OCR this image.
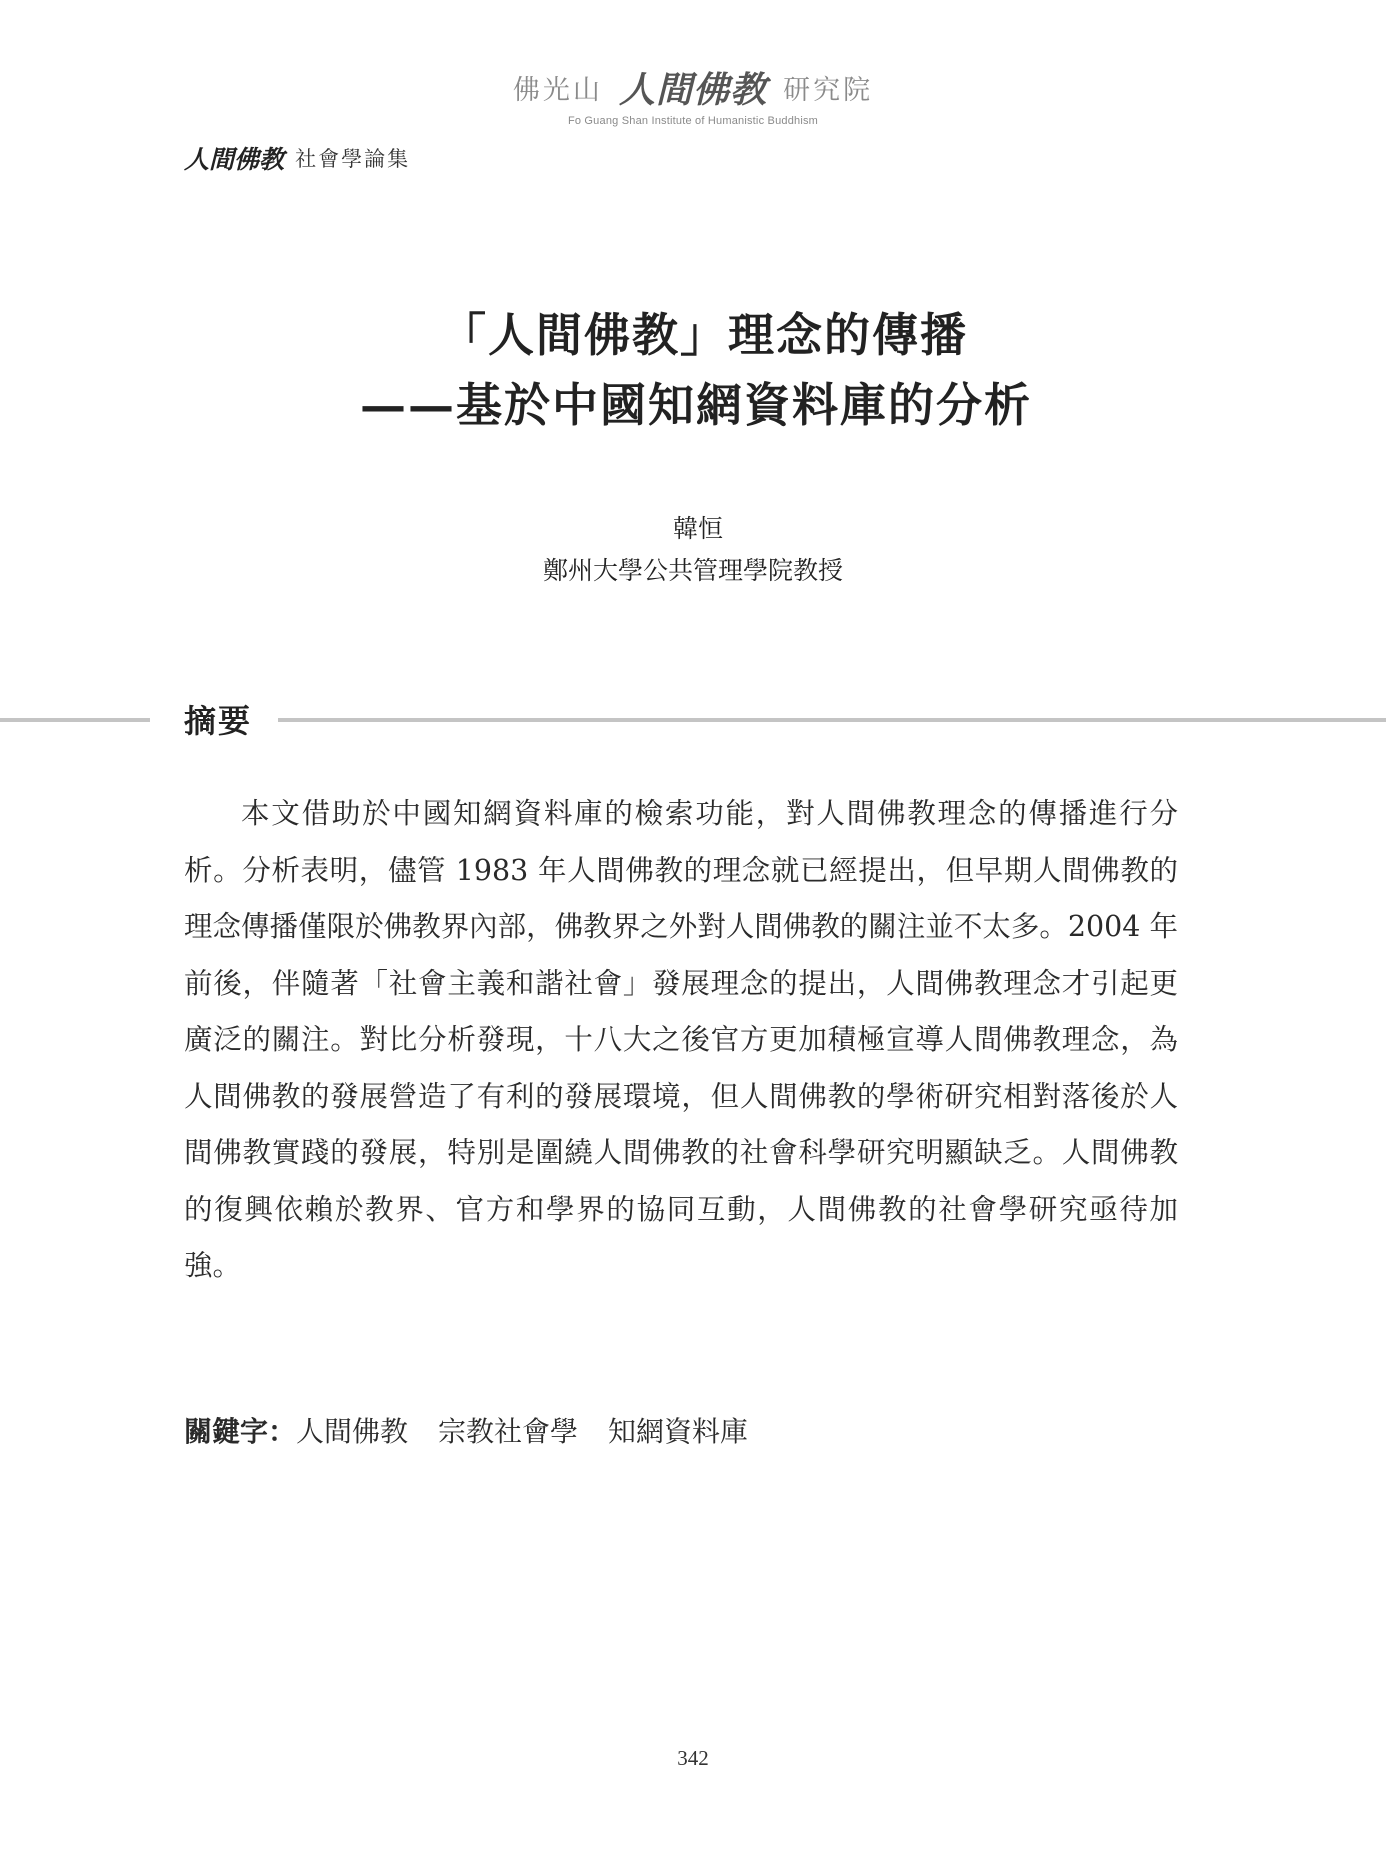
佛光山 人間佛教 研究院
Fo Guang Shan Institute of Humanistic Buddhism
人間佛教 社會學論集
「人間佛教」理念的傳播
——基於中國知網資料庫的分析
韓恒
鄭州大學公共管理學院教授
摘要

本文借助於中國知網資料庫的檢索功能，對人間佛教理念的傳播進行分析。分析表明，儘管 1983 年人間佛教的理念就已經提出，但早期人間佛教的理念傳播僅限於佛教界內部，佛教界之外對人間佛教的關注並不太多。2004 年前後，伴隨著「社會主義和諧社會」發展理念的提出，人間佛教理念才引起更廣泛的關注。對比分析發現，十八大之後官方更加積極宣導人間佛教理念，為人間佛教的發展營造了有利的發展環境，但人間佛教的學術研究相對落後於人間佛教實踐的發展，特別是圍繞人間佛教的社會科學研究明顯缺乏。人間佛教的復興依賴於教界、官方和學界的協同互動，人間佛教的社會學研究亟待加強。

關鍵字：人間佛教 宗教社會學 知網資料庫
342
